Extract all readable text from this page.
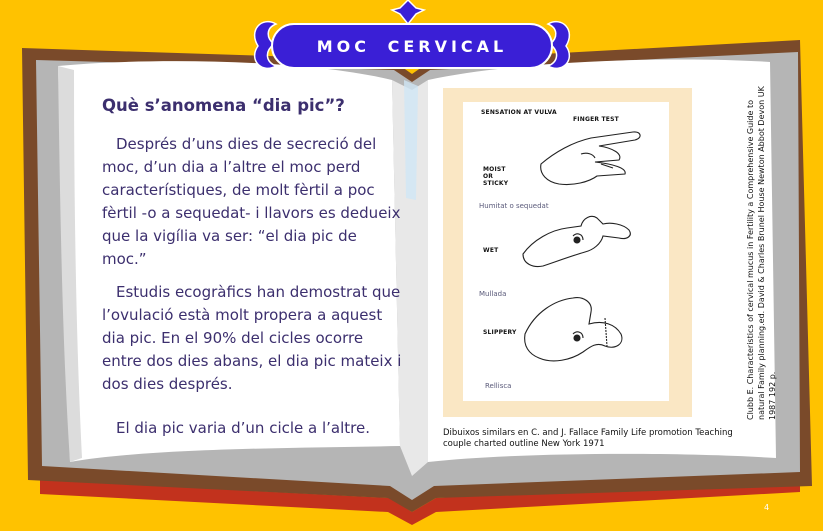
MOC CERVICAL
Què s’anomena “dia pic”?

Després d’uns dies de secreció del moc, d’un dia a l’altre el moc perd característiques, de molt fèrtil a poc fèrtil -o a sequedat- i llavors es dedueix que la vigília va ser: “el dia pic de moc.”

Estudis ecogràfics han demostrat que l’ovulació està molt propera a aquest dia pic. En el 90% del cicles ocorre entre dos dies abans, el dia pic mateix i dos dies després.

El dia pic varia d’un cicle a l’altre.

SENSATION AT VULVA
FINGER TEST
MOIST OR STICKY
Humitat o sequedat
WET
Mullada
SLIPPERY
Rellisca

Dibuixos similars en C. and J. Fallace Family Life promotion Teaching couple charted outline New York 1971

Clubb E. Characteristics of cervical mucus in Fertility a Comprehensive Guide to natural Family planning.ed. David & Charles Brunel House Newton Abbot Devon UK 1987 192 p.
4
